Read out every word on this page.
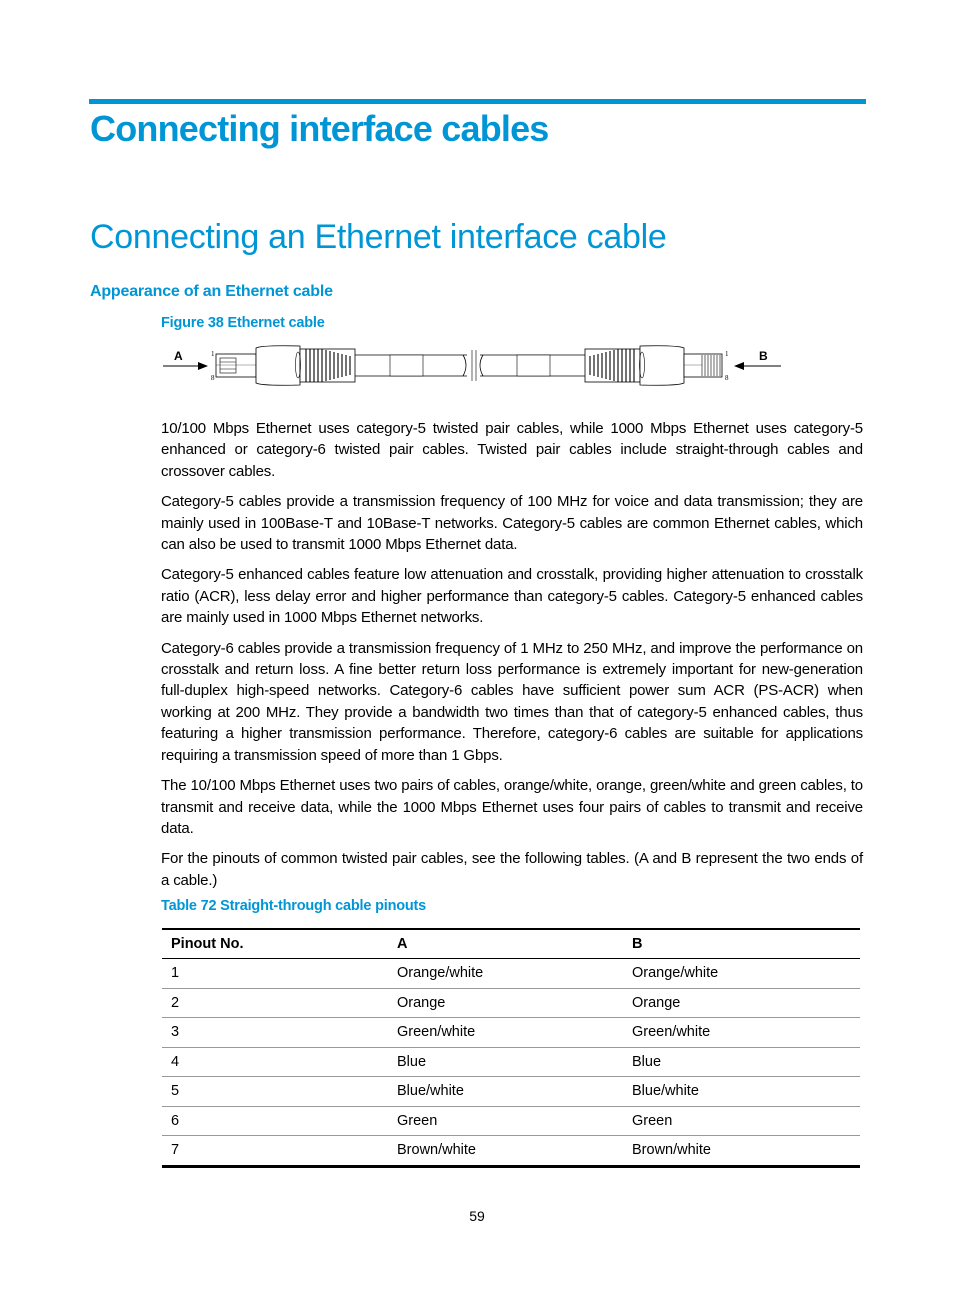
Connecting interface cables
Connecting an Ethernet interface cable
Appearance of an Ethernet cable
Figure 38 Ethernet cable
A	1
8
1
8
B

10/100 Mbps Ethernet uses category-5 twisted pair cables, while 1000 Mbps Ethernet uses category-5 enhanced or category-6 twisted pair cables. Twisted pair cables include straight-through cables and crossover cables.

Category-5 cables provide a transmission frequency of 100 MHz for voice and data transmission; they are mainly used in 100Base-T and 10Base-T networks. Category-5 cables are common Ethernet cables, which can also be used to transmit 1000 Mbps Ethernet data.

Category-5 enhanced cables feature low attenuation and crosstalk, providing higher attenuation to crosstalk ratio (ACR), less delay error and higher performance than category-5 cables. Category-5 enhanced cables are mainly used in 1000 Mbps Ethernet networks.

Category-6 cables provide a transmission frequency of 1 MHz to 250 MHz, and improve the performance on crosstalk and return loss. A fine better return loss performance is extremely important for new-generation full-duplex high-speed networks. Category-6 cables have sufficient power sum ACR (PS-ACR) when working at 200 MHz. They provide a bandwidth two times than that of category-5 enhanced cables, thus featuring a higher transmission performance. Therefore, category-6 cables are suitable for applications requiring a transmission speed of more than 1 Gbps.

The 10/100 Mbps Ethernet uses two pairs of cables, orange/white, orange, green/white and green cables, to transmit and receive data, while the 1000 Mbps Ethernet uses four pairs of cables to transmit and receive data.

For the pinouts of common twisted pair cables, see the following tables. (A and B represent the two ends of a cable.)

Table 72 Straight-through cable pinouts
Pinout No.	A	B
1	Orange/white	Orange/white
2	Orange	Orange
3	Green/white	Green/white
4	Blue	Blue
5	Blue/white	Blue/white
6	Green	Green
7	Brown/white	Brown/white
59
